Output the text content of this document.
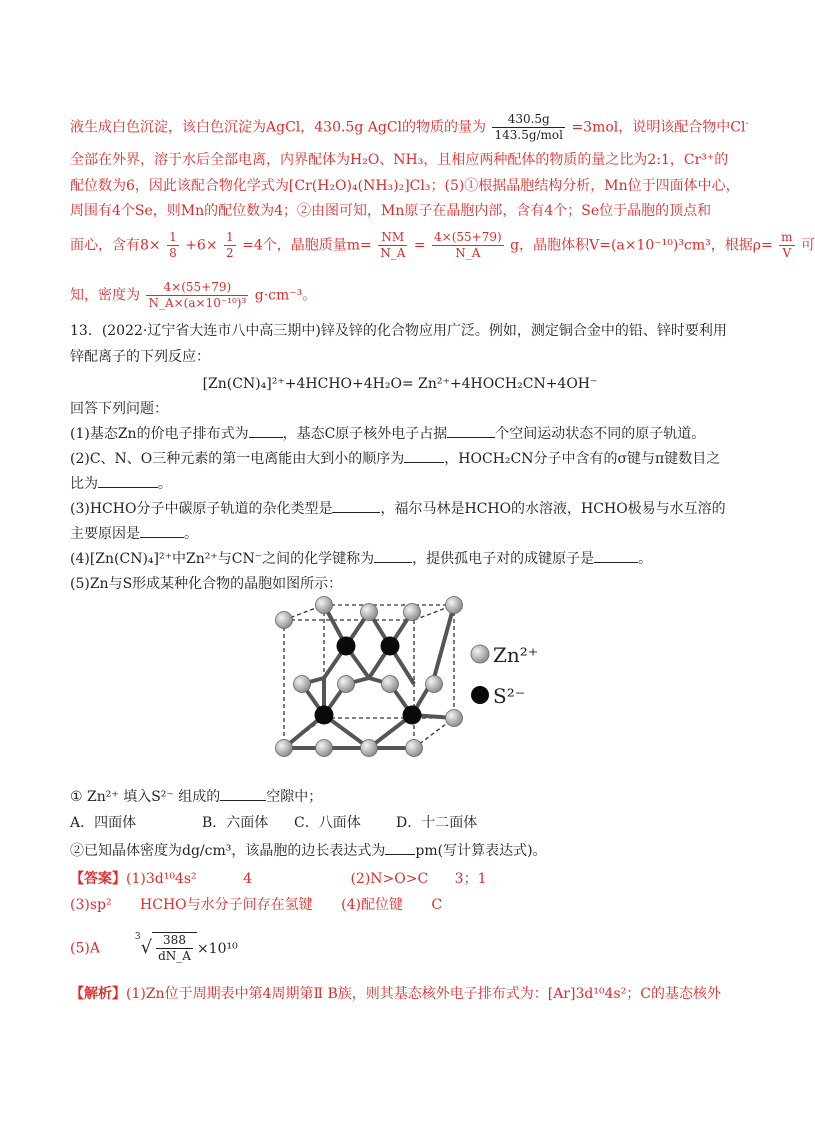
液生成白色沉淀，该白色沉淀为AgCl，430.5g AgCl的物质的量为 $\frac{430.5g}{\text{143.5g/mol}} =3mol$，说明该配合物中Cl-
全部在外界，溶于水后全部电离，内界配体为H₂O、NH₃，且相应两种配体的物质的量之比为2:1，Cr³⁺的
配位数为6，因此该配合物化学式为[Cr(H₂O)₄(NH₃)₂]Cl₃；(5)①根据晶胞结构分析，Mn位于四面体中心，
周围有4个Se，则Mn的配位数为4；②由图可知，Mn原子在晶胞内部，含有4个；Se位于晶胞的顶点和
面心，含有$8\times \frac{1}{8} +6\times \frac{1}{2} =4$个，晶胞质量$m= \frac{NM}{N\_A} = \frac{4\times(55+79)}{N\_A}$ g，晶胞体积V=(a×10⁻¹⁰)³cm³，根据$\rho= \frac{m}{V}$ 可
知，密度为 $\frac{4\times(55+79)}{\text{N\_A×(a×10⁻¹⁰)³}} g\cdot cm^{-3}$。
13．(2022·辽宁省大连市八中高三期中)锌及锌的化合物应用广泛。例如，测定铜合金中的铅、锌时要利用
锌配离子的下列反应：
[Zn(CN)₄]²⁺+4HCHO+4H₂O= Zn²⁺+4HOCH₂CN+4OH⁻
回答下列问题：
(1)基态Zn的价电子排布式为 ，基态C原子核外电子占据	个空间运动状态不同的原子轨道。
(2)C、N、O三种元素的第一电离能由大到小的顺序为	，HOCH₂CN分子中含有的σ键与π键数目之
比为	。
(3)HCHO分子中碳原子轨道的杂化类型是	，福尔马林是HCHO的水溶液，HCHO极易与水互溶的
主要原因是	。
(4)[Zn(CN)₄]²⁺中Zn²⁺与CN⁻之间的化学键称为	，提供孤电子对的成键原子是	。
(5)Zn与S形成某种化合物的晶胞如图所示：
Zn²⁺
S²⁻
① Zn²⁺ 填入S²⁻ 组成的	空隙中；
A．四面体	B．六面体 C．八面体	D．十二面体
②已知晶体密度为dg/cm³，该晶胞的边长表达式为 pm(写计算表达式)。
【答案】(1)3d¹⁰4s²	4	(2)N>O>C 3；1
(3)sp² HCHO与水分子间存在氢键 (4)配位键 C
(5)A  $^3√ \frac{388}{dN\_A} \times 10^{10}$
【解析】(1)Zn位于周期表中第4周期第Ⅱ B族，则其基态核外电子排布式为：[Ar]3d¹⁰4s²；C的基态核外
